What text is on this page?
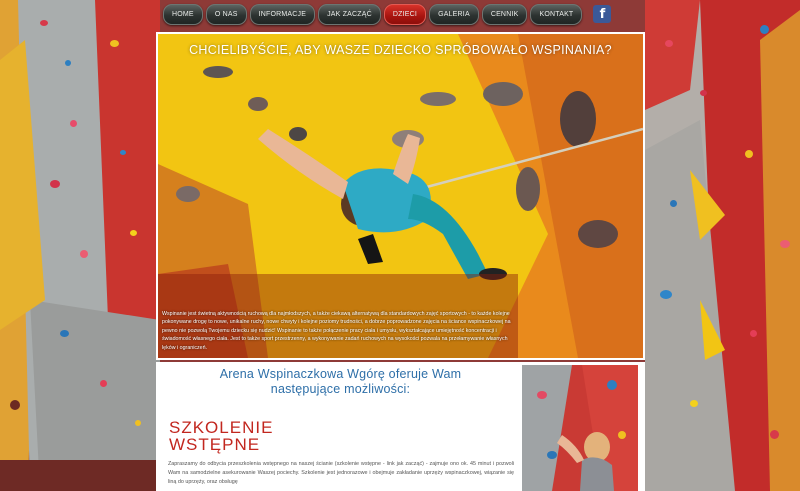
HOME	O NAS	INFORMACJE	JAK ZACZĄĆ	DZIECI	GALERIA	CENNIK	KONTAKT	f
CHCIELIBYŚCIE, ABY WASZE DZIECKO SPRÓBOWAŁO WSPINANIA?
Wspinanie jest świetną aktywnością ruchową dla najmłodszych, a także ciekawą alternatywą dla standardowych zajęć sportowych - to każde kolejne pokonywane drogę to nowe, unikalne ruchy, nowe chwyty i kolejne poziomy trudności, a dobrze poprowadzone zajęcia na ściance wspinaczkowej na pewno nie pozwolą Twojemu dziecku się nudzić! Wspinanie to także połączenie pracy ciała i umysłu, wykształcające umiejętność koncentracji i świadomość własnego ciała. Jest to także sport przestrzenny, a wykonywanie zadań ruchowych na wysokości pozwala na przełamywanie własnych lęków i ograniczeń.
Arena Wspinaczkowa Wgórę oferuje Wam
następujące możliwości:
SZKOLENIE
WSTĘPNE
Zapraszamy do odbycia przeszkolenia wstępnego na naszej ścianie (szkolenie wstępne - link jak zacząć) - zajmuje ono ok. 45 minut i pozwoli Wam na samodzielne asekurowanie Waszej pociechy. Szkolenie jest jednorazowe i obejmuje zakładanie uprzęży wspinaczkowej, wiązanie się liną do uprzęży, oraz obsługę
